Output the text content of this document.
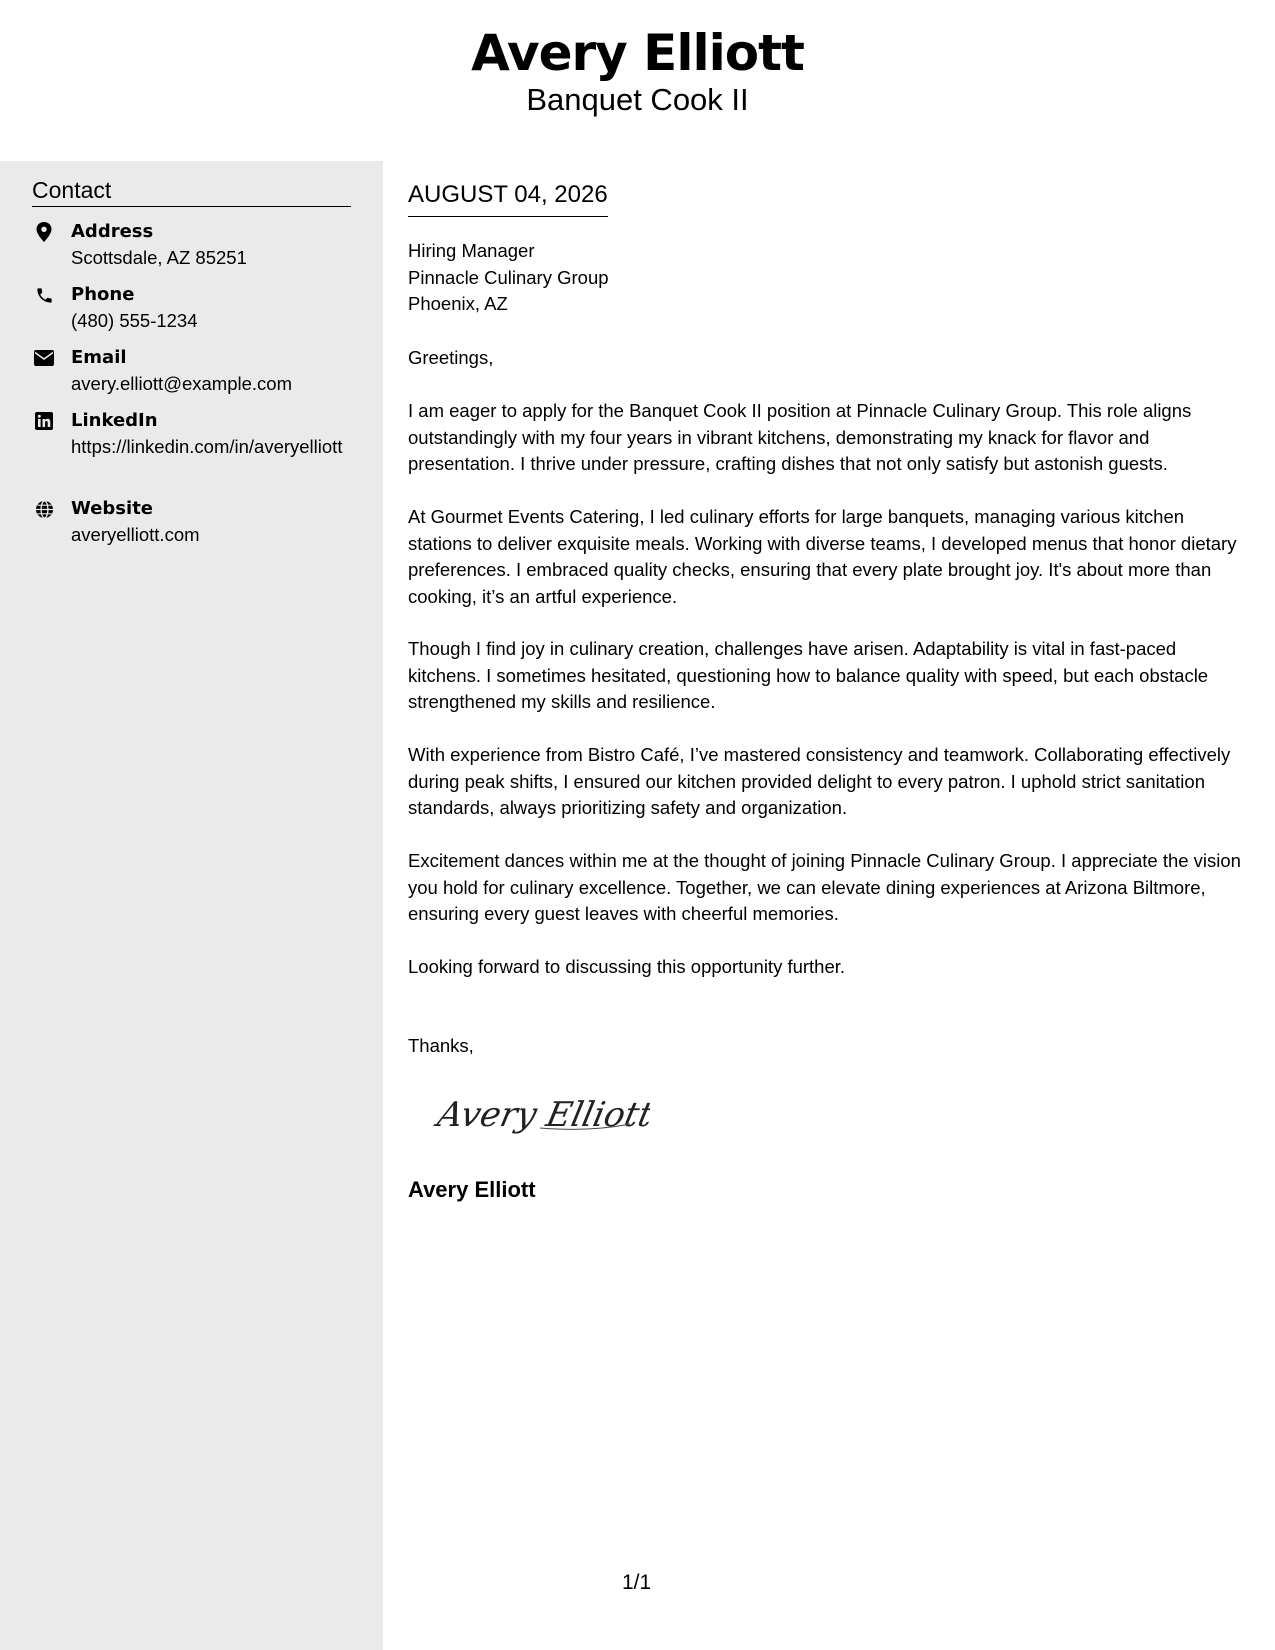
Avery Elliott
Banquet Cook II
Contact
Address
Scottsdale, AZ 85251
Phone
(480) 555-1234
Email
avery.elliott@example.com
LinkedIn
https://linkedin.com/in/averyelliott
Website
averyelliott.com
AUGUST 04, 2026
Hiring Manager
Pinnacle Culinary Group
Phoenix, AZ
Greetings,
I am eager to apply for the Banquet Cook II position at Pinnacle Culinary Group. This role aligns outstandingly with my four years in vibrant kitchens, demonstrating my knack for flavor and presentation. I thrive under pressure, crafting dishes that not only satisfy but astonish guests.
At Gourmet Events Catering, I led culinary efforts for large banquets, managing various kitchen stations to deliver exquisite meals. Working with diverse teams, I developed menus that honor dietary preferences. I embraced quality checks, ensuring that every plate brought joy. It's about more than cooking, it’s an artful experience.
Though I find joy in culinary creation, challenges have arisen. Adaptability is vital in fast-paced kitchens. I sometimes hesitated, questioning how to balance quality with speed, but each obstacle strengthened my skills and resilience.
With experience from Bistro Café, I’ve mastered consistency and teamwork. Collaborating effectively during peak shifts, I ensured our kitchen provided delight to every patron. I uphold strict sanitation standards, always prioritizing safety and organization.
Excitement dances within me at the thought of joining Pinnacle Culinary Group. I appreciate the vision you hold for culinary excellence. Together, we can elevate dining experiences at Arizona Biltmore, ensuring every guest leaves with cheerful memories.
Looking forward to discussing this opportunity further.
Thanks,
Avery Elliott
Avery Elliott
1/1
